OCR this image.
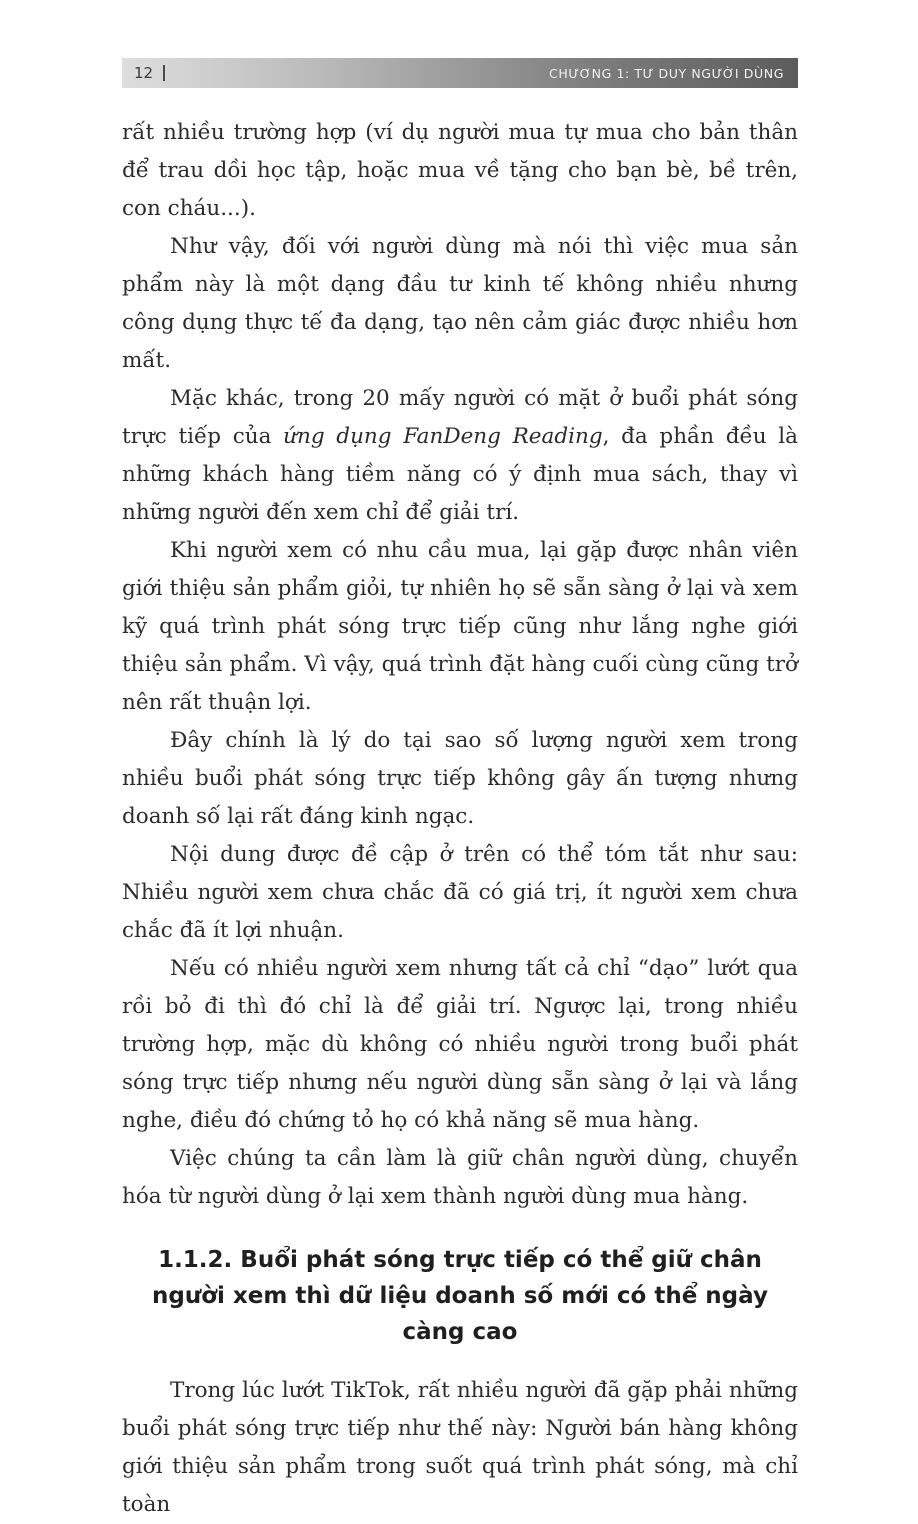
12	CHƯƠNG 1: TƯ DUY NGƯỜI DÙNG

rất nhiều trường hợp (ví dụ người mua tự mua cho bản thân để trau dồi học tập, hoặc mua về tặng cho bạn bè, bề trên, con cháu...).

Như vậy, đối với người dùng mà nói thì việc mua sản phẩm này là một dạng đầu tư kinh tế không nhiều nhưng công dụng thực tế đa dạng, tạo nên cảm giác được nhiều hơn mất.

Mặc khác, trong 20 mấy người có mặt ở buổi phát sóng trực tiếp của ứng dụng FanDeng Reading, đa phần đều là những khách hàng tiềm năng có ý định mua sách, thay vì những người đến xem chỉ để giải trí.

Khi người xem có nhu cầu mua, lại gặp được nhân viên giới thiệu sản phẩm giỏi, tự nhiên họ sẽ sẵn sàng ở lại và xem kỹ quá trình phát sóng trực tiếp cũng như lắng nghe giới thiệu sản phẩm. Vì vậy, quá trình đặt hàng cuối cùng cũng trở nên rất thuận lợi.

Đây chính là lý do tại sao số lượng người xem trong nhiều buổi phát sóng trực tiếp không gây ấn tượng nhưng doanh số lại rất đáng kinh ngạc.

Nội dung được đề cập ở trên có thể tóm tắt như sau: Nhiều người xem chưa chắc đã có giá trị, ít người xem chưa chắc đã ít lợi nhuận.

Nếu có nhiều người xem nhưng tất cả chỉ “dạo” lướt qua rồi bỏ đi thì đó chỉ là để giải trí. Ngược lại, trong nhiều trường hợp, mặc dù không có nhiều người trong buổi phát sóng trực tiếp nhưng nếu người dùng sẵn sàng ở lại và lắng nghe, điều đó chứng tỏ họ có khả năng sẽ mua hàng.

Việc chúng ta cần làm là giữ chân người dùng, chuyển hóa từ người dùng ở lại xem thành người dùng mua hàng.

1.1.2. Buổi phát sóng trực tiếp có thể giữ chân người xem thì dữ liệu doanh số mới có thể ngày càng cao

Trong lúc lướt TikTok, rất nhiều người đã gặp phải những buổi phát sóng trực tiếp như thế này: Người bán hàng không giới thiệu sản phẩm trong suốt quá trình phát sóng, mà chỉ toàn
